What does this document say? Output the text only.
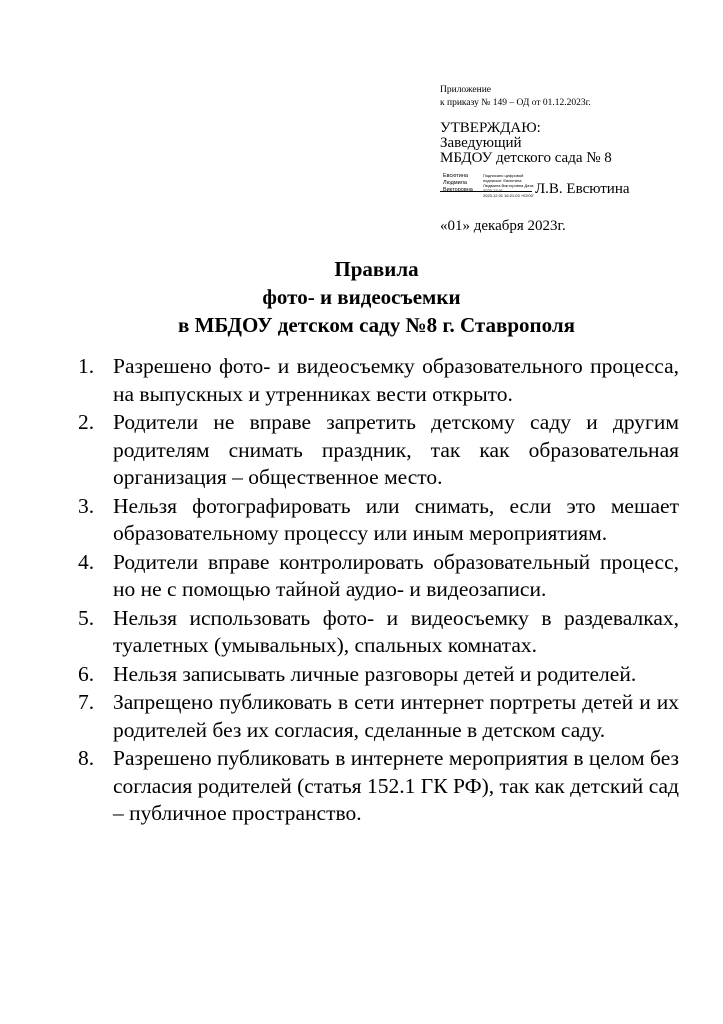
Приложение
к приказу № 149 – ОД от 01.12.2023г.
УТВЕРЖДАЮ:
Заведующий
МБДОУ детского сада № 8
Евсютина
Людмила
Викторовна
Подписано цифровой подписью: Евсютина Людмила Викторовна Дата: 2023.12.01
2023.12.01 16:21:03 +03'00' Л.В. Евсютина
«01» декабря 2023г.
Правила
фото- и видеосъемки
в МБДОУ детском саду №8 г. Ставрополя
1. Разрешено фото- и видеосъемку образовательного процесса, на выпускных и утренниках вести открыто.
2. Родители не вправе запретить детскому саду и другим родителям снимать праздник, так как образовательная организация – общественное место.
3. Нельзя фотографировать или снимать, если это мешает образовательному процессу или иным мероприятиям.
4. Родители вправе контролировать образовательный процесс, но не с помощью тайной аудио- и видеозаписи.
5. Нельзя использовать фото- и видеосъемку в раздевалках, туалетных (умывальных), спальных комнатах.
6. Нельзя записывать личные разговоры детей и родителей.
7. Запрещено публиковать в сети интернет портреты детей и их родителей без их согласия, сделанные в детском саду.
8. Разрешено публиковать в интернете мероприятия в целом без согласия родителей (статья 152.1 ГК РФ), так как детский сад – публичное пространство.
